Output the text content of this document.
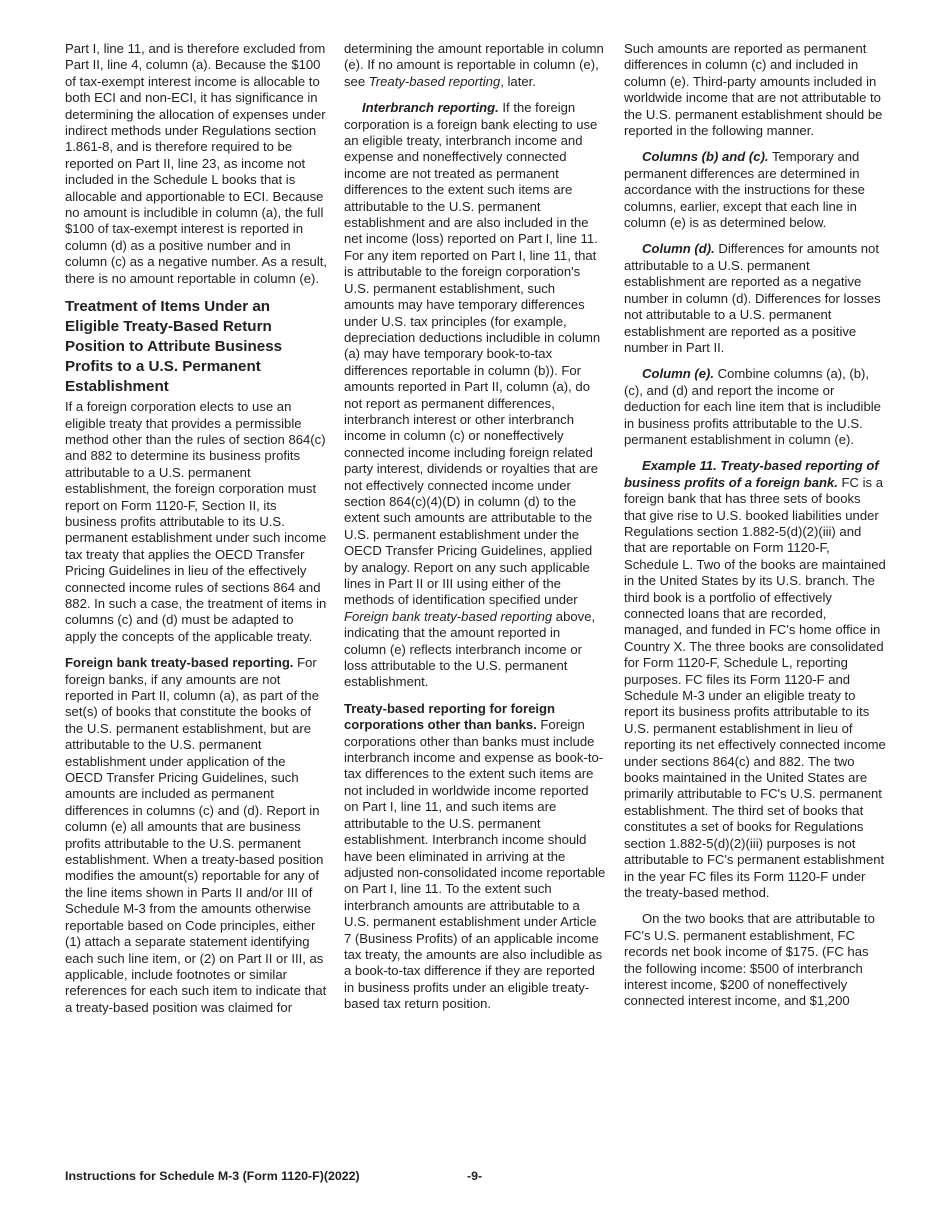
Part I, line 11, and is therefore excluded from Part II, line 4, column (a). Because the $100 of tax-exempt interest income is allocable to both ECI and non-ECI, it has significance in determining the allocation of expenses under indirect methods under Regulations section 1.861-8, and is therefore required to be reported on Part II, line 23, as income not included in the Schedule L books that is allocable and apportionable to ECI. Because no amount is includible in column (a), the full $100 of tax-exempt interest is reported in column (d) as a positive number and in column (c) as a negative number. As a result, there is no amount reportable in column (e).

Treatment of Items Under an Eligible Treaty-Based Return Position to Attribute Business Profits to a U.S. Permanent Establishment

If a foreign corporation elects to use an eligible treaty that provides a permissible method other than the rules of section 864(c) and 882 to determine its business profits attributable to a U.S. permanent establishment, the foreign corporation must report on Form 1120-F, Section II, its business profits attributable to its U.S. permanent establishment under such income tax treaty that applies the OECD Transfer Pricing Guidelines in lieu of the effectively connected income rules of sections 864 and 882. In such a case, the treatment of items in columns (c) and (d) must be adapted to apply the concepts of the applicable treaty.

Foreign bank treaty-based reporting. For foreign banks, if any amounts are not reported in Part II, column (a), as part of the set(s) of books that constitute the books of the U.S. permanent establishment, but are attributable to the U.S. permanent establishment under application of the OECD Transfer Pricing Guidelines, such amounts are included as permanent differences in columns (c) and (d). Report in column (e) all amounts that are business profits attributable to the U.S. permanent establishment. When a treaty-based position modifies the amount(s) reportable for any of the line items shown in Parts II and/or III of Schedule M-3 from the amounts otherwise reportable based on Code principles, either (1) attach a separate statement identifying each such line item, or (2) on Part II or III, as applicable, include footnotes or similar references for each such item to indicate that a treaty-based position was claimed for

determining the amount reportable in column (e). If no amount is reportable in column (e), see Treaty-based reporting, later.

Interbranch reporting. If the foreign corporation is a foreign bank electing to use an eligible treaty, interbranch income and expense and noneffectively connected income are not treated as permanent differences to the extent such items are attributable to the U.S. permanent establishment and are also included in the net income (loss) reported on Part I, line 11. For any item reported on Part I, line 11, that is attributable to the foreign corporation's U.S. permanent establishment, such amounts may have temporary differences under U.S. tax principles (for example, depreciation deductions includible in column (a) may have temporary book-to-tax differences reportable in column (b)). For amounts reported in Part II, column (a), do not report as permanent differences, interbranch interest or other interbranch income in column (c) or noneffectively connected income including foreign related party interest, dividends or royalties that are not effectively connected income under section 864(c)(4)(D) in column (d) to the extent such amounts are attributable to the U.S. permanent establishment under the OECD Transfer Pricing Guidelines, applied by analogy. Report on any such applicable lines in Part II or III using either of the methods of identification specified under Foreign bank treaty-based reporting above, indicating that the amount reported in column (e) reflects interbranch income or loss attributable to the U.S. permanent establishment.

Treaty-based reporting for foreign corporations other than banks. Foreign corporations other than banks must include interbranch income and expense as book-to-tax differences to the extent such items are not included in worldwide income reported on Part I, line 11, and such items are attributable to the U.S. permanent establishment. Interbranch income should have been eliminated in arriving at the adjusted non-consolidated income reportable on Part I, line 11. To the extent such interbranch amounts are attributable to a U.S. permanent establishment under Article 7 (Business Profits) of an applicable income tax treaty, the amounts are also includible as a book-to-tax difference if they are reported in business profits under an eligible treaty-based tax return position.

Such amounts are reported as permanent differences in column (c) and included in column (e). Third-party amounts included in worldwide income that are not attributable to the U.S. permanent establishment should be reported in the following manner.

Columns (b) and (c). Temporary and permanent differences are determined in accordance with the instructions for these columns, earlier, except that each line in column (e) is as determined below.

Column (d). Differences for amounts not attributable to a U.S. permanent establishment are reported as a negative number in column (d). Differences for losses not attributable to a U.S. permanent establishment are reported as a positive number in Part II.

Column (e). Combine columns (a), (b), (c), and (d) and report the income or deduction for each line item that is includible in business profits attributable to the U.S. permanent establishment in column (e).

Example 11. Treaty-based reporting of business profits of a foreign bank. FC is a foreign bank that has three sets of books that give rise to U.S. booked liabilities under Regulations section 1.882-5(d)(2)(iii) and that are reportable on Form 1120-F, Schedule L. Two of the books are maintained in the United States by its U.S. branch. The third book is a portfolio of effectively connected loans that are recorded, managed, and funded in FC's home office in Country X. The three books are consolidated for Form 1120-F, Schedule L, reporting purposes. FC files its Form 1120-F and Schedule M-3 under an eligible treaty to report its business profits attributable to its U.S. permanent establishment in lieu of reporting its net effectively connected income under sections 864(c) and 882. The two books maintained in the United States are primarily attributable to FC's U.S. permanent establishment. The third set of books that constitutes a set of books for Regulations section 1.882-5(d)(2)(iii) purposes is not attributable to FC's permanent establishment in the year FC files its Form 1120-F under the treaty-based method.

On the two books that are attributable to FC's U.S. permanent establishment, FC records net book income of $175. (FC has the following income: $500 of interbranch interest income, $200 of noneffectively connected interest income, and $1,200

Instructions for Schedule M-3 (Form 1120-F)(2022)	-9-
